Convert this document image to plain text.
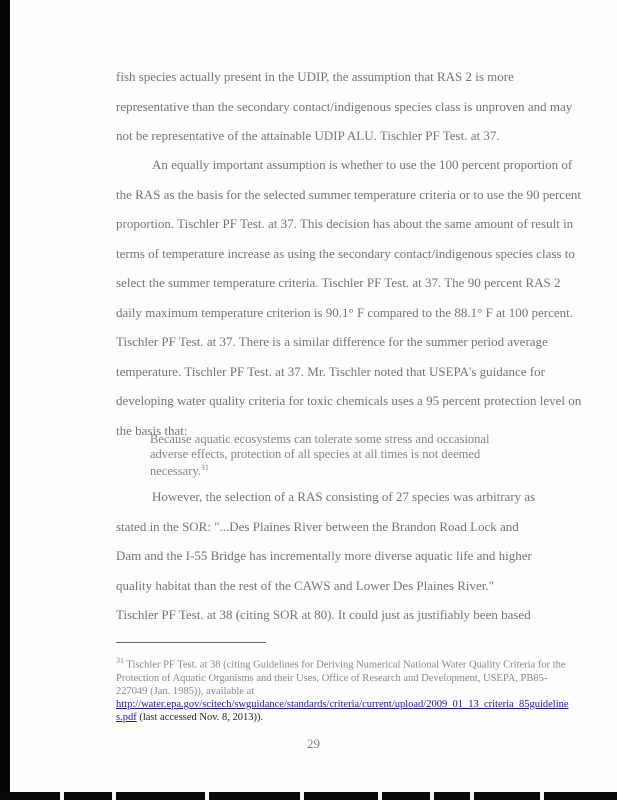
fish species actually present in the UDIP, the assumption that RAS 2 is more
representative than the secondary contact/indigenous species class is unproven and may
not be representative of the attainable UDIP ALU. Tischler PF Test. at 37.
An equally important assumption is whether to use the 100 percent proportion of
the RAS as the basis for the selected summer temperature criteria or to use the 90 percent
proportion. Tischler PF Test. at 37. This decision has about the same amount of result in
terms of temperature increase as using the secondary contact/indigenous species class to
select the summer temperature criteria. Tischler PF Test. at 37. The 90 percent RAS 2
daily maximum temperature criterion is 90.1° F compared to the 88.1° F at 100 percent.
Tischler PF Test. at 37. There is a similar difference for the summer period average
temperature. Tischler PF Test. at 37. Mr. Tischler noted that USEPA's guidance for
developing water quality criteria for toxic chemicals uses a 95 percent protection level on
the basis that:
Because aquatic ecosystems can tolerate some stress and occasional
adverse effects, protection of all species at all times is not deemed
necessary.$^{31}$
However, the selection of a RAS consisting of 27 species was arbitrary as
stated in the SOR: "...Des Plaines River between the Brandon Road Lock and
Dam and the I-55 Bridge has incrementally more diverse aquatic life and higher
quality habitat than the rest of the CAWS and Lower Des Plaines River."
Tischler PF Test. at 38 (citing SOR at 80). It could just as justifiably been based
$^{31}$ Tischler PF Test. at 38 (citing Guidelines for Deriving Numerical National Water Quality Criteria for the
Protection of Aquatic Organisms and their Uses, Office of Research and Development, USEPA, PB85-
227049 (Jan. 1985)), available at
http://water.epa.gov/scitech/swguidance/standards/criteria/current/upload/2009_01_13_criteria_85guideline
s.pdf (last accessed Nov. 8, 2013)).
29
